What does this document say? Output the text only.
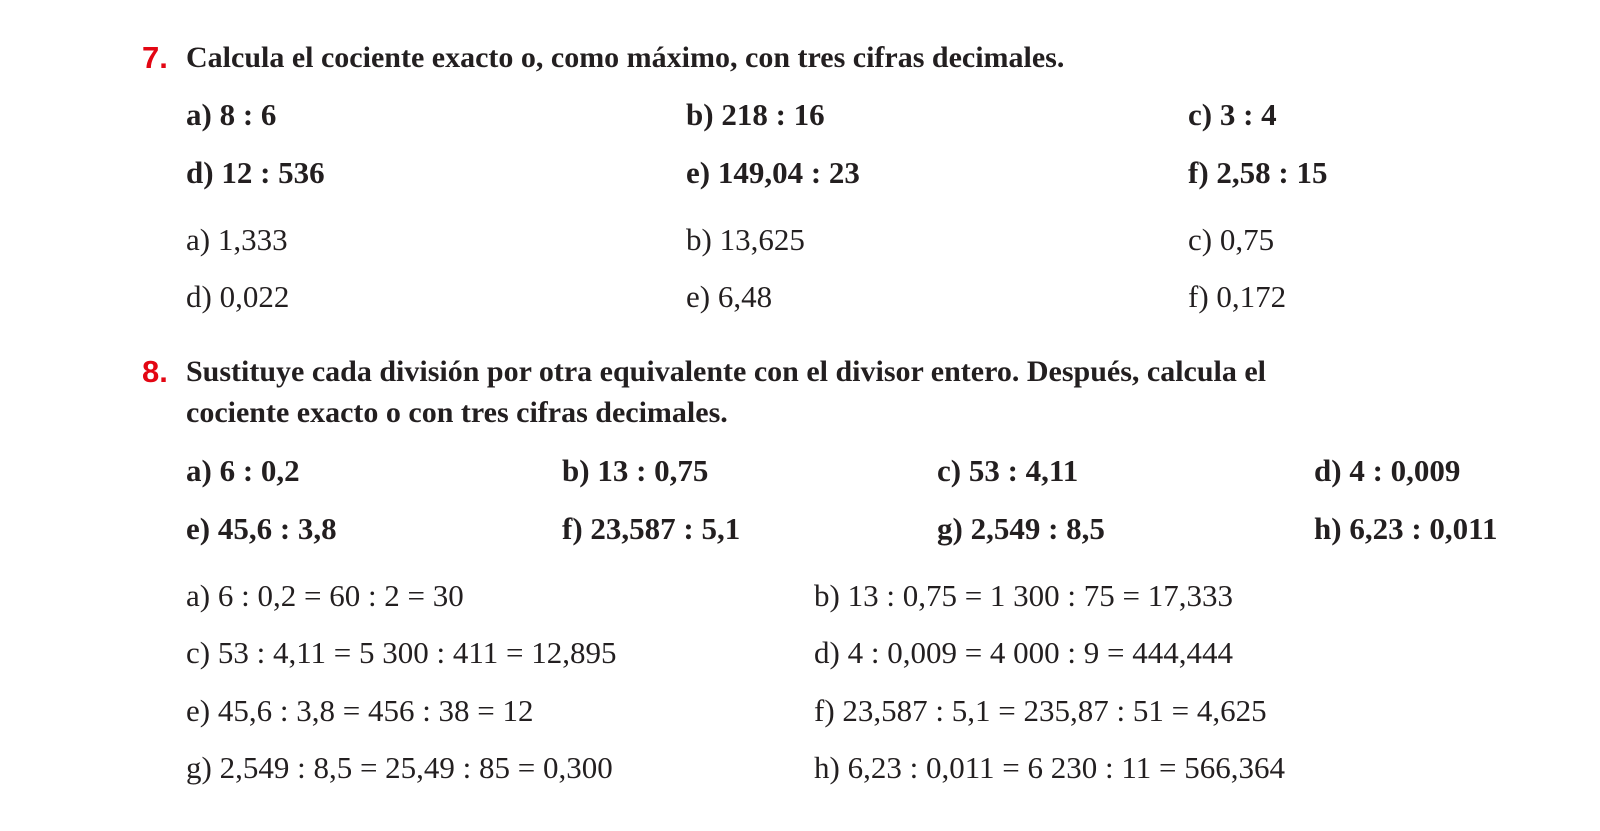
7. Calcula el cociente exacto o, como máximo, con tres cifras decimales.
a) 8 : 6	b) 218 : 16	c) 3 : 4
d) 12 : 536	e) 149,04 : 23	f) 2,58 : 15
a) 1,333	b) 13,625	c) 0,75
d) 0,022	e) 6,48	f) 0,172
8. Sustituye cada división por otra equivalente con el divisor entero. Después, calcula el
cociente exacto o con tres cifras decimales.
a) 6 : 0,2	b) 13 : 0,75	c) 53 : 4,11	d) 4 : 0,009
e) 45,6 : 3,8	f) 23,587 : 5,1	g) 2,549 : 8,5	h) 6,23 : 0,011
a) 6 : 0,2 = 60 : 2 = 30	b) 13 : 0,75 = 1 300 : 75 = 17,333
c) 53 : 4,11 = 5 300 : 411 = 12,895	d) 4 : 0,009 = 4 000 : 9 = 444,444
e) 45,6 : 3,8 = 456 : 38 = 12	f) 23,587 : 5,1 = 235,87 : 51 = 4,625
g) 2,549 : 8,5 = 25,49 : 85 = 0,300	h) 6,23 : 0,011 = 6 230 : 11 = 566,364
